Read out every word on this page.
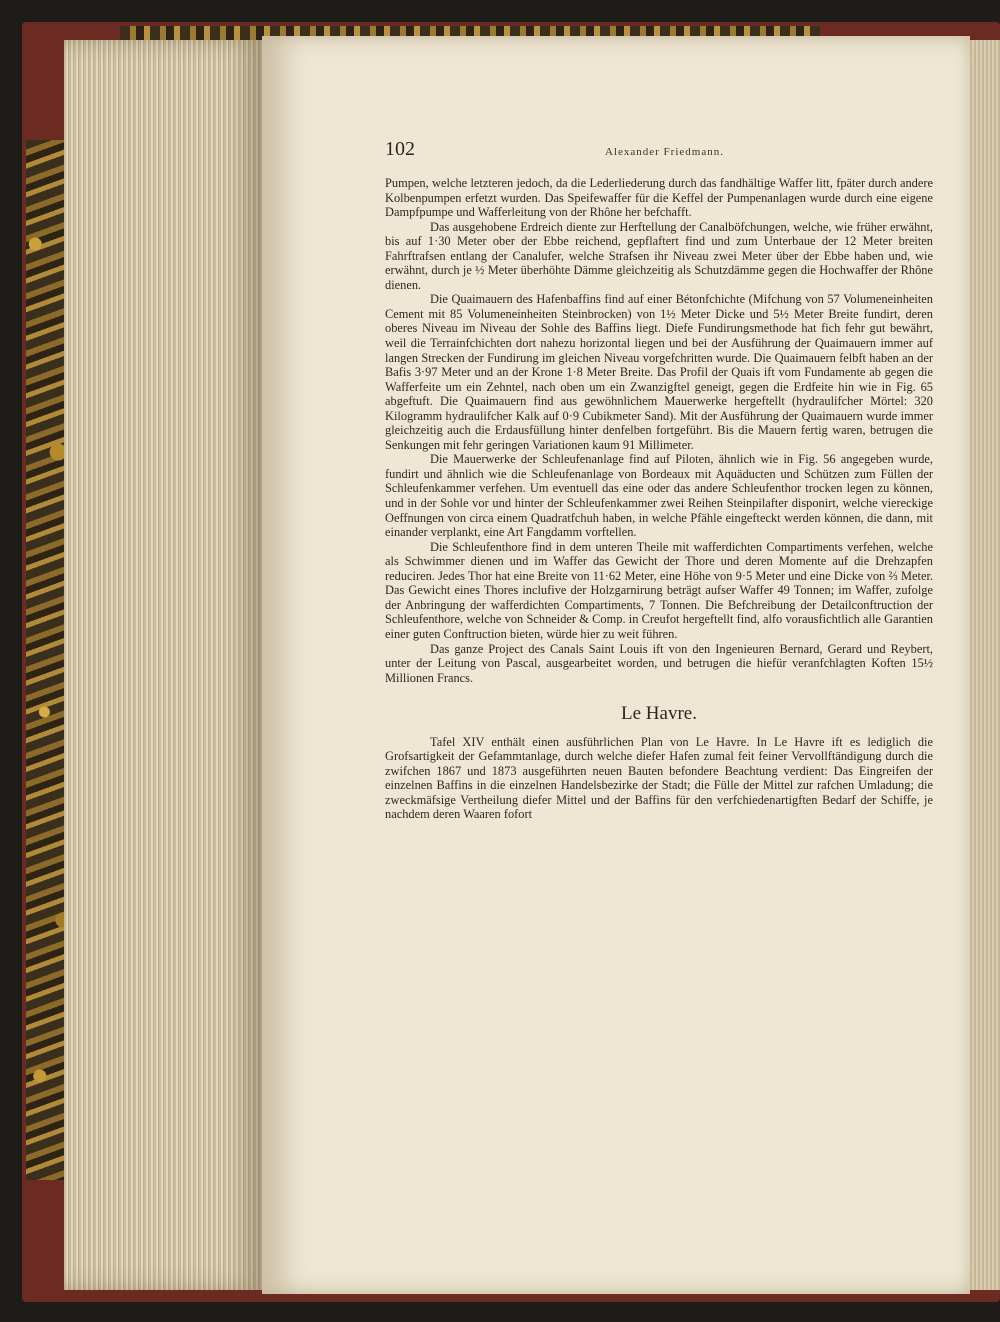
102	Alexander Friedmann.

Pumpen, welche letzteren jedoch, da die Lederliederung durch das fandhältige Waffer litt, fpäter durch andere Kolbenpumpen erfetzt wurden. Das Speifewaffer für die Keffel der Pumpenanlagen wurde durch eine eigene Dampfpumpe und Wafferleitung von der Rhône her befchafft.

Das ausgehobene Erdreich diente zur Herftellung der Canalböfchungen, welche, wie früher erwähnt, bis auf 1·30 Meter ober der Ebbe reichend, gepflaftert find und zum Unterbaue der 12 Meter breiten Fahrftrafsen entlang der Canalufer, welche Strafsen ihr Niveau zwei Meter über der Ebbe haben und, wie erwähnt, durch je ½ Meter überhöhte Dämme gleichzeitig als Schutzdämme gegen die Hochwaffer der Rhône dienen.

Die Quaimauern des Hafenbaffins find auf einer Bétonfchichte (Mifchung von 57 Volumeneinheiten Cement mit 85 Volumeneinheiten Steinbrocken) von 1½ Meter Dicke und 5½ Meter Breite fundirt, deren oberes Niveau im Niveau der Sohle des Baffins liegt. Diefe Fundirungsmethode hat fich fehr gut bewährt, weil die Terrainfchichten dort nahezu horizontal liegen und bei der Ausführung der Quaimauern immer auf langen Strecken der Fundirung im gleichen Niveau vorgefchritten wurde. Die Quaimauern felbft haben an der Bafis 3·97 Meter und an der Krone 1·8 Meter Breite. Das Profil der Quais ift vom Fundamente ab gegen die Wafferfeite um ein Zehntel, nach oben um ein Zwanzigftel geneigt, gegen die Erdfeite hin wie in Fig. 65 abgeftuft. Die Quaimauern find aus gewöhnlichem Mauerwerke hergeftellt (hydraulifcher Mörtel: 320 Kilogramm hydraulifcher Kalk auf 0·9 Cubikmeter Sand). Mit der Ausführung der Quaimauern wurde immer gleichzeitig auch die Erdausfüllung hinter denfelben fortgeführt. Bis die Mauern fertig waren, betrugen die Senkungen mit fehr geringen Variationen kaum 91 Millimeter.

Die Mauerwerke der Schleufenanlage find auf Piloten, ähnlich wie in Fig. 56 angegeben wurde, fundirt und ähnlich wie die Schleufenanlage von Bordeaux mit Aquäducten und Schützen zum Füllen der Schleufenkammer verfehen. Um eventuell das eine oder das andere Schleufenthor trocken legen zu können, und in der Sohle vor und hinter der Schleufenkammer zwei Reihen Steinpilafter disponirt, welche viereckige Oeffnungen von circa einem Quadratfchuh haben, in welche Pfähle eingefteckt werden können, die dann, mit einander verplankt, eine Art Fangdamm vorftellen.

Die Schleufenthore find in dem unteren Theile mit wafferdichten Compartiments verfehen, welche als Schwimmer dienen und im Waffer das Gewicht der Thore und deren Momente auf die Drehzapfen reduciren. Jedes Thor hat eine Breite von 11·62 Meter, eine Höhe von 9·5 Meter und eine Dicke von ⅔ Meter. Das Gewicht eines Thores inclufive der Holzgarnirung beträgt aufser Waffer 49 Tonnen; im Waffer, zufolge der Anbringung der wafferdichten Compartiments, 7 Tonnen. Die Befchreibung der Detailconftruction der Schleufenthore, welche von Schneider & Comp. in Creufot hergeftellt find, alfo vorausfichtlich alle Garantien einer guten Conftruction bieten, würde hier zu weit führen.

Das ganze Project des Canals Saint Louis ift von den Ingenieuren Bernard, Gerard und Reybert, unter der Leitung von Pascal, ausgearbeitet worden, und betrugen die hiefür veranfchlagten Koften 15½ Millionen Francs.

Le Havre.

Tafel XIV enthält einen ausführlichen Plan von Le Havre. In Le Havre ift es lediglich die Grofsartigkeit der Gefammtanlage, durch welche diefer Hafen zumal feit feiner Vervollftändigung durch die zwifchen 1867 und 1873 ausgeführten neuen Bauten befondere Beachtung verdient: Das Eingreifen der einzelnen Baffins in die einzelnen Handelsbezirke der Stadt; die Fülle der Mittel zur rafchen Umladung; die zweckmäfsige Vertheilung diefer Mittel und der Baffins für den verfchiedenartigften Bedarf der Schiffe, je nachdem deren Waaren fofort
